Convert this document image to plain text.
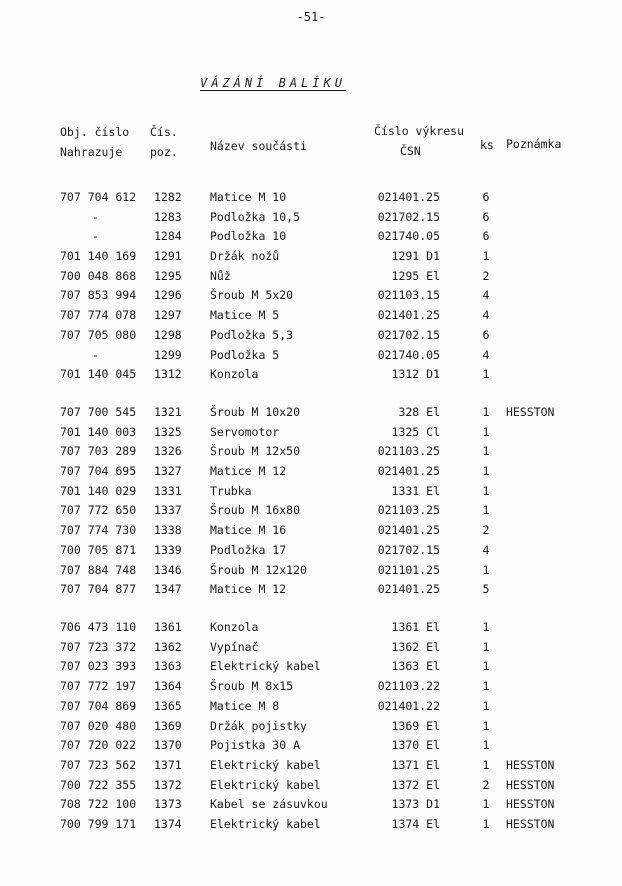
-51-
VÁZÁNÍ BALÍKU
Obj. číslo
Nahrazuje
Čís.
poz.	Název součásti
Číslo výkresu
ČSN	ks Poznámka
707 704 612 1282 Matice M 10	021401.25	6
-	1283 Podložka 10,5	021702.15	6
-	1284 Podložka 10	021740.05	6
701 140 169 1291 Držák nožů	1291 D1	1
700 048 868 1295 Nůž	1295 El	2
707 853 994 1296 Šroub M 5x20	021103.15	4
707 774 078 1297 Matice M 5	021401.25	4
707 705 080 1298 Podložka 5,3	021702.15	6
-	1299 Podložka 5	021740.05	4
701 140 045 1312 Konzola	1312 D1	1
707 700 545 1321 Šroub M 10x20	328 El	1	HESSTON
701 140 003 1325 Servomotor	1325 Cl	1
707 703 289 1326 Šroub M 12x50	021103.25	1
707 704 695 1327 Matice M 12	021401.25	1
701 140 029 1331 Trubka	1331 El	1
707 772 650 1337 Šroub M 16x80	021103.25	1
707 774 730 1338 Matice M 16	021401.25	2
700 705 871 1339 Podložka 17	021702.15	4
707 884 748 1346 Šroub M 12x120	021101.25	1
707 704 877 1347 Matice M 12	021401.25	5
706 473 110 1361 Konzola	1361 El	1
707 723 372 1362 Vypínač	1362 El	1
707 023 393 1363 Elektrický kabel	1363 El	1
707 772 197 1364 Šroub M 8x15	021103.22	1
707 704 869 1365 Matice M 8	021401.22	1
707 020 480 1369 Držák pojistky	1369 El	1
707 720 022 1370 Pojistka 30 A	1370 El	1
707 723 562 1371 Elektrický kabel	1371 El	1	HESSTON
700 722 355 1372 Elektrický kabel	1372 El	2	HESSTON
708 722 100 1373 Kabel se zásuvkou	1373 D1	1	HESSTON
700 799 171 1374 Elektrický kabel	1374 El	1	HESSTON
